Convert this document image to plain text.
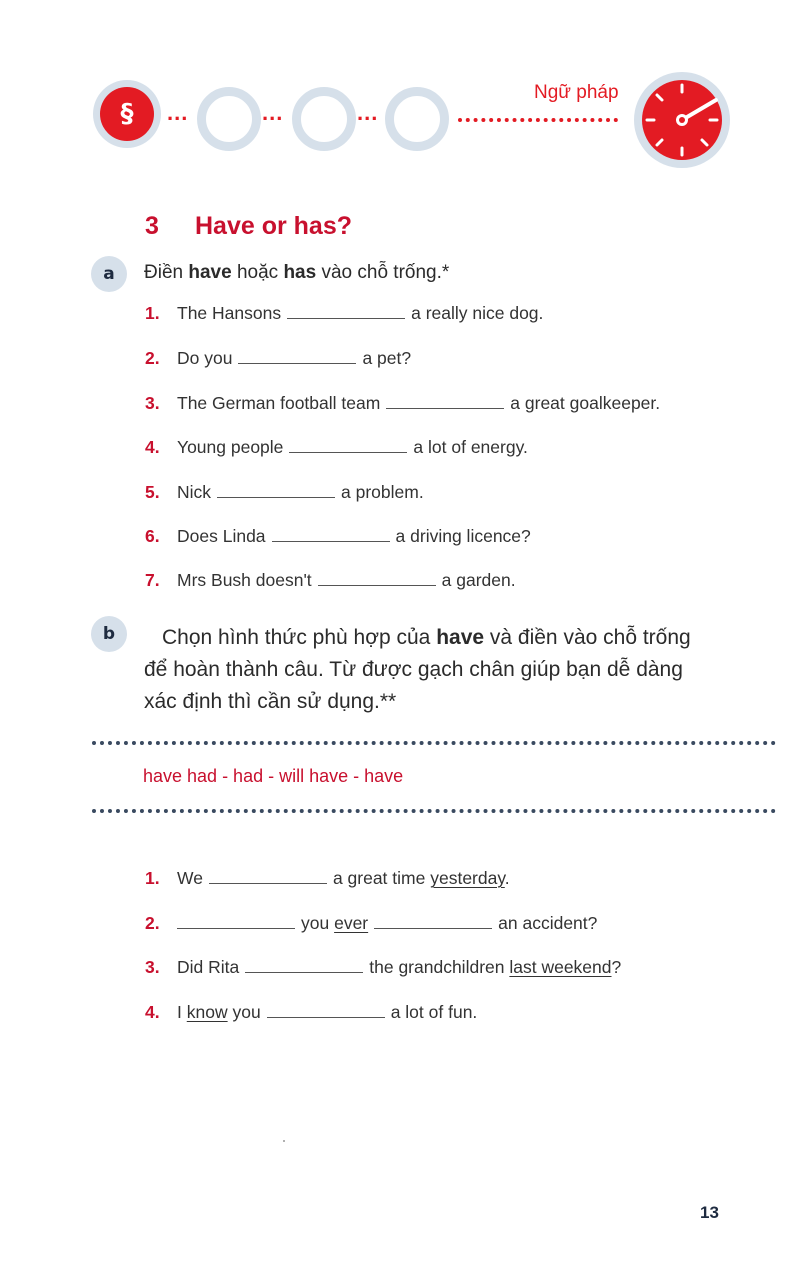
§ ...	...	...
Ngữ pháp
3 Have or has?
a	Điền have hoặc has vào chỗ trống.*
1. The Hansons	a really nice dog.
2. Do you	a pet?
3. The German football team	a great goalkeeper.
4. Young people	a lot of energy.
5. Nick	a problem.
6. Does Linda	a driving licence?
7. Mrs Bush doesn't	a garden.
b	Chọn hình thức phù hợp của have và điền vào chỗ trống
để hoàn thành câu. Từ được gạch chân giúp bạn dễ dàng
xác định thì cần sử dụng.**
have had - had - will have - have
1. We	a great time yesterday.
2.	you ever	an accident?
3. Did Rita	the grandchildren last weekend?
4. I know you	a lot of fun.
13
